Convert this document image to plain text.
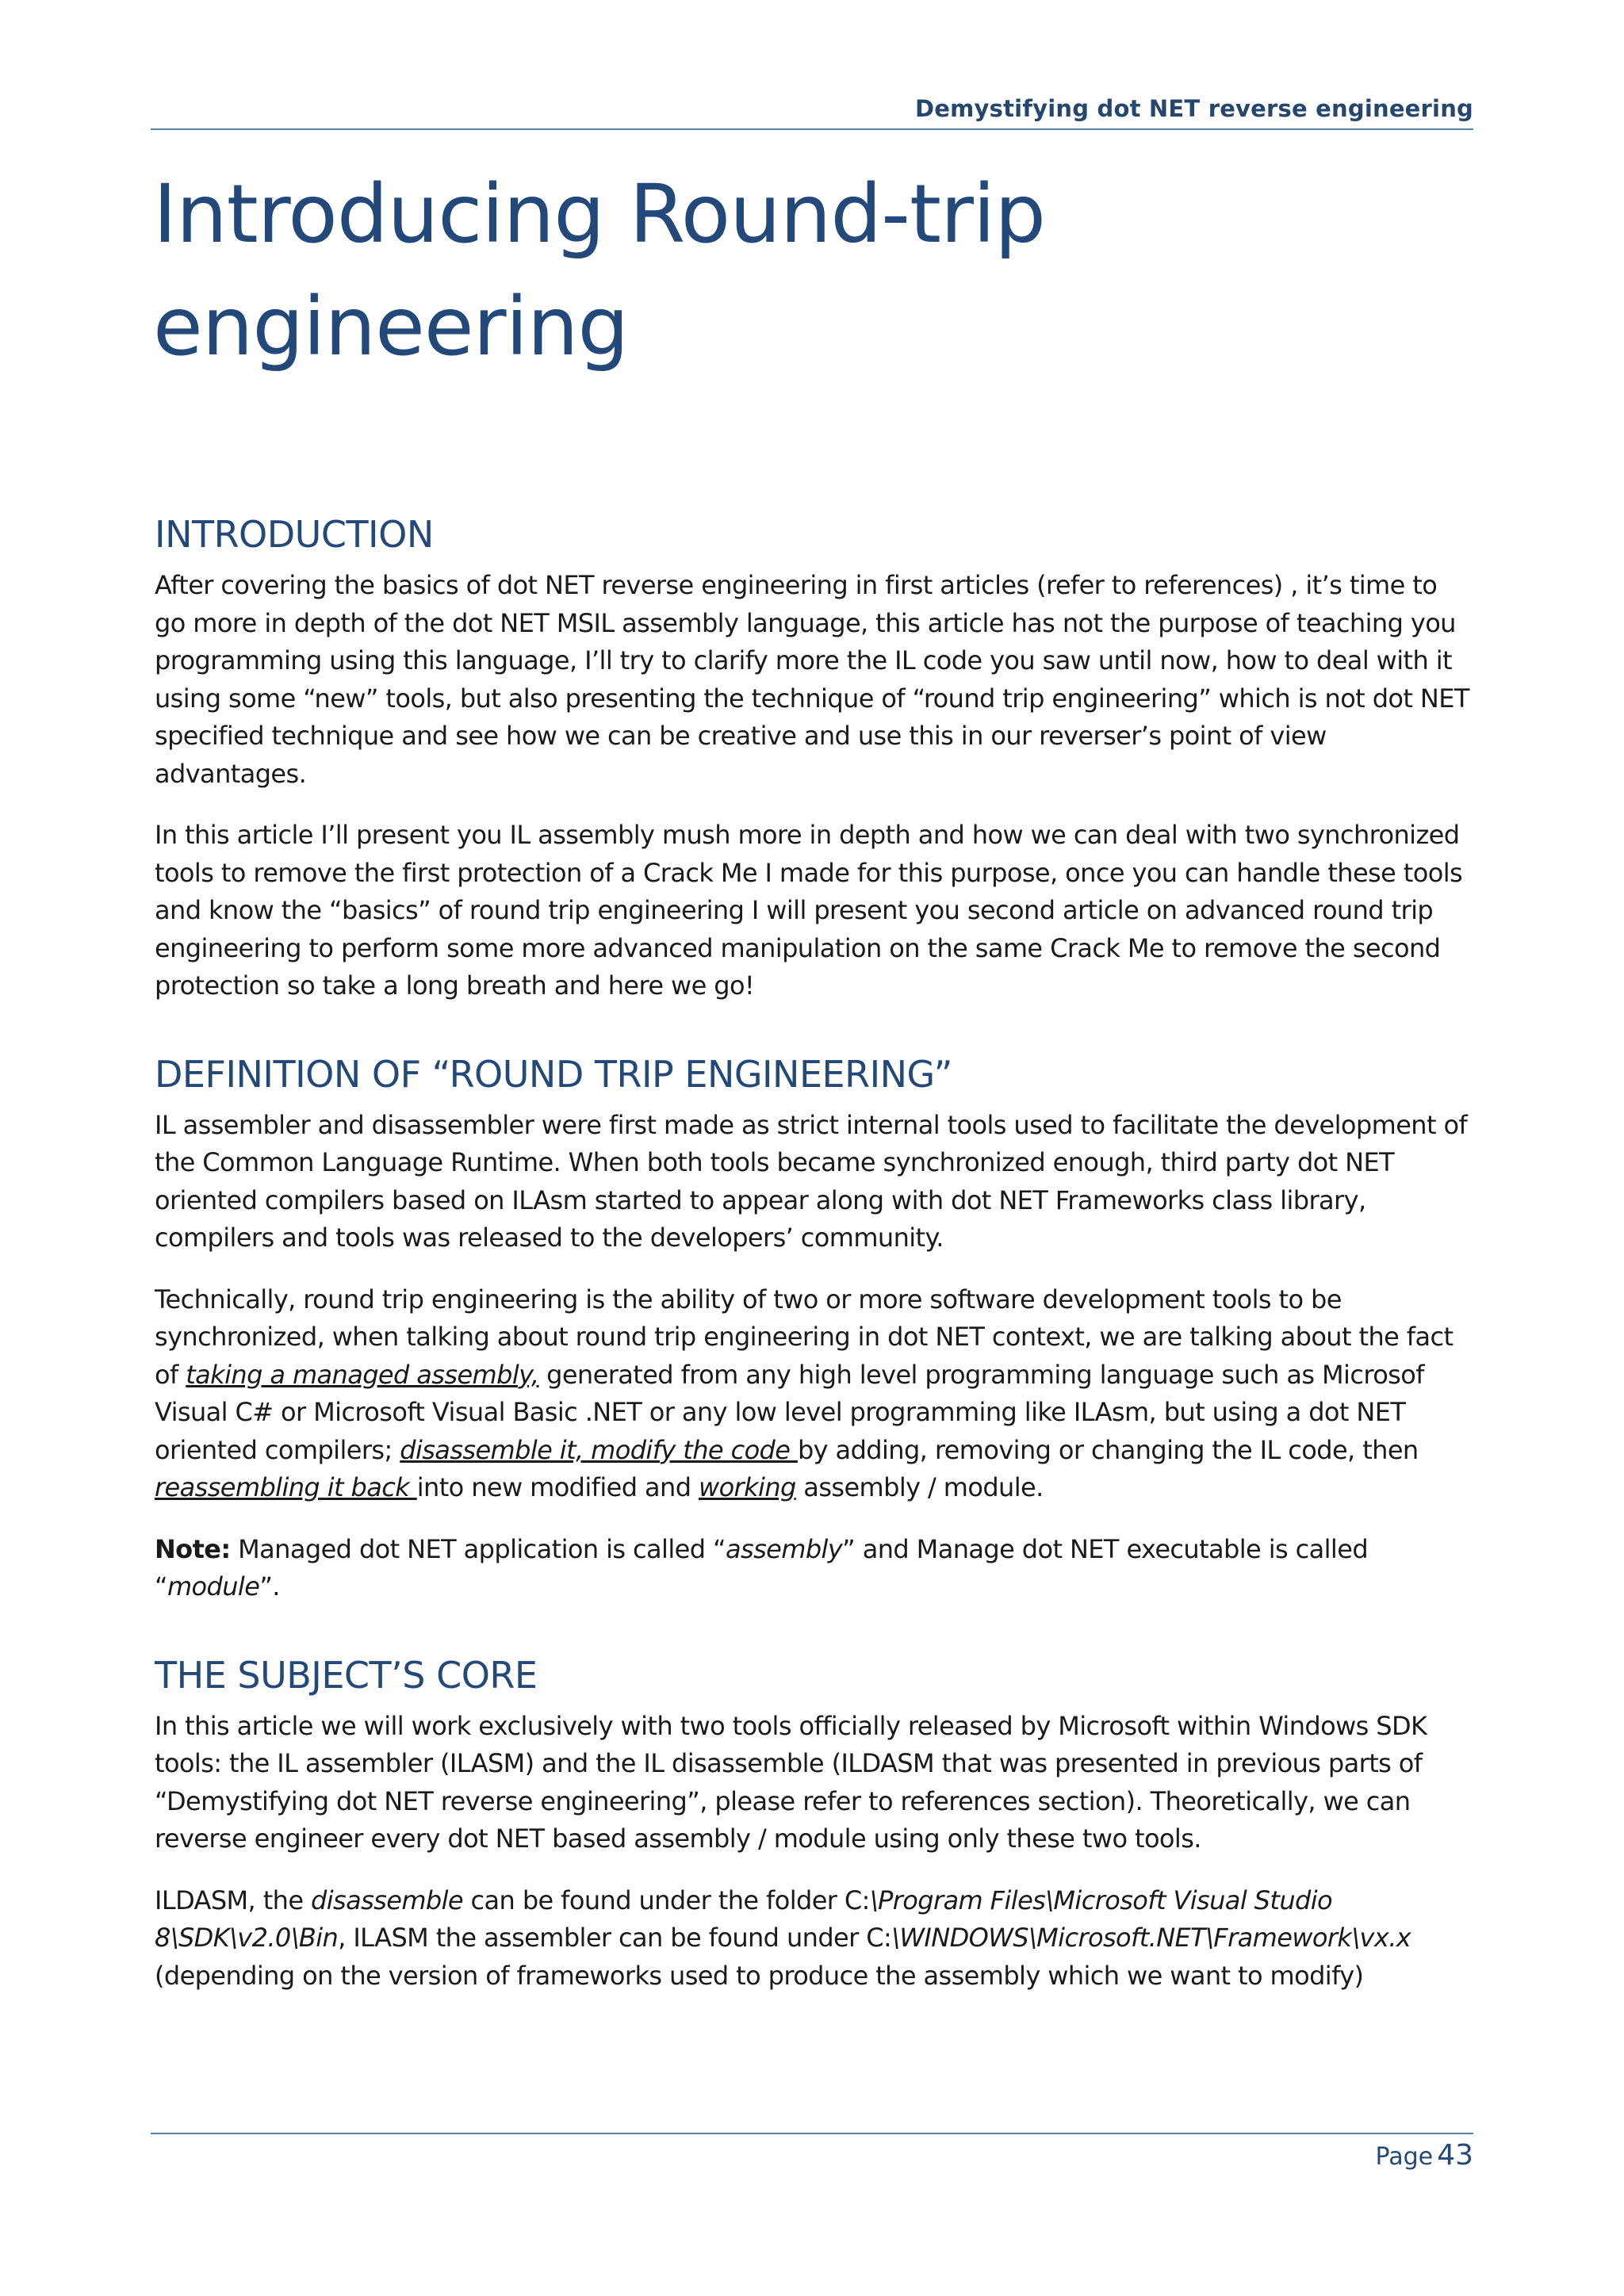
Demystifying dot NET reverse engineering
Introducing Round-trip engineering
INTRODUCTION

After covering the basics of dot NET reverse engineering in first articles (refer to references) , it’s time to go more in depth of the dot NET MSIL assembly language, this article has not the purpose of teaching you programming using this language, I’ll try to clarify more the IL code you saw until now, how to deal with it using some “new” tools, but also presenting the technique of “round trip engineering” which is not dot NET specified technique and see how we can be creative and use this in our reverser’s point of view advantages.

In this article I’ll present you IL assembly mush more in depth and how we can deal with two synchronized tools to remove the first protection of a Crack Me I made for this purpose, once you can handle these tools and know the “basics” of round trip engineering I will present you second article on advanced round trip engineering to perform some more advanced manipulation on the same Crack Me to remove the second protection so take a long breath and here we go!

DEFINITION OF “ROUND TRIP ENGINEERING”

IL assembler and disassembler were first made as strict internal tools used to facilitate the development of the Common Language Runtime. When both tools became synchronized enough, third party dot NET oriented compilers based on ILAsm started to appear along with dot NET Frameworks class library, compilers and tools was released to the developers’ community.

Technically, round trip engineering is the ability of two or more software development tools to be synchronized, when talking about round trip engineering in dot NET context, we are talking about the fact of taking a managed assembly, generated from any high level programming language such as Microsof Visual C# or Microsoft Visual Basic .NET or any low level programming like ILAsm, but using a dot NET oriented compilers; disassemble it, modify the code by adding, removing or changing the IL code, then reassembling it back into new modified and working assembly / module.

Note: Managed dot NET application is called “assembly” and Manage dot NET executable is called “module”.

THE SUBJECT’S CORE

In this article we will work exclusively with two tools officially released by Microsoft within Windows SDK tools: the IL assembler (ILASM) and the IL disassemble (ILDASM that was presented in previous parts of “Demystifying dot NET reverse engineering”, please refer to references section). Theoretically, we can reverse engineer every dot NET based assembly / module using only these two tools.

ILDASM, the disassemble can be found under the folder C:\Program Files\Microsoft Visual Studio 8\SDK\v2.0\Bin, ILASM the assembler can be found under C:\WINDOWS\Microsoft.NET\Framework\vx.x (depending on the version of frameworks used to produce the assembly which we want to modify)

Page 43
